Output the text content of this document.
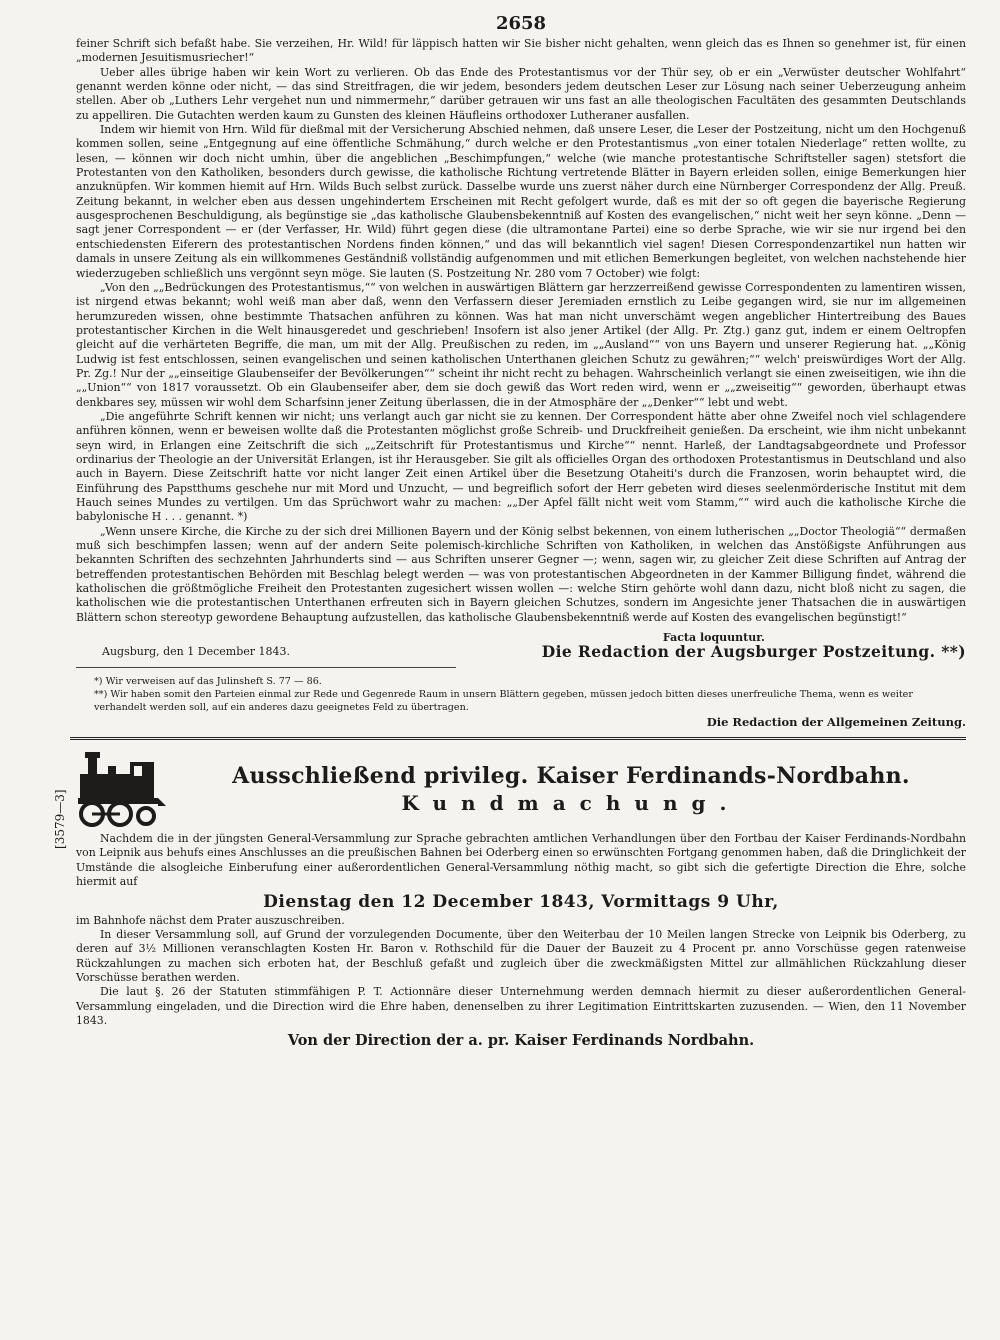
2658

feiner Schrift sich befaßt habe. Sie verzeihen, Hr. Wild! für läppisch hatten wir Sie bisher nicht gehalten, wenn gleich das es Ihnen so genehmer ist, für einen „modernen Jesuitismusriecher!“

Ueber alles übrige haben wir kein Wort zu verlieren. Ob das Ende des Protestantismus vor der Thür sey, ob er ein „Verwüster deutscher Wohlfahrt“ genannt werden könne oder nicht, — das sind Streitfragen, die wir jedem, besonders jedem deutschen Leser zur Lösung nach seiner Ueberzeugung anheim stellen. Aber ob „Luthers Lehr vergehet nun und nimmermehr,“ darüber getrauen wir uns fast an alle theologischen Facultäten des gesammten Deutschlands zu appelliren. Die Gutachten werden kaum zu Gunsten des kleinen Häufleins orthodoxer Lutheraner ausfallen.

Indem wir hiemit von Hrn. Wild für dießmal mit der Versicherung Abschied nehmen, daß unsere Leser, die Leser der Postzeitung, nicht um den Hochgenuß kommen sollen, seine „Entgegnung auf eine öffentliche Schmähung,“ durch welche er den Protestantismus „von einer totalen Niederlage“ retten wollte, zu lesen, — können wir doch nicht umhin, über die angeblichen „Beschimpfungen,“ welche (wie manche protestantische Schriftsteller sagen) stetsfort die Protestanten von den Katholiken, besonders durch gewisse, die katholische Richtung vertretende Blätter in Bayern erleiden sollen, einige Bemerkungen hier anzuknüpfen. Wir kommen hiemit auf Hrn. Wilds Buch selbst zurück. Dasselbe wurde uns zuerst näher durch eine Nürnberger Correspondenz der Allg. Preuß. Zeitung bekannt, in welcher eben aus dessen ungehindertem Erscheinen mit Recht gefolgert wurde, daß es mit der so oft gegen die bayerische Regierung ausgesprochenen Beschuldigung, als begünstige sie „das katholische Glaubensbekenntniß auf Kosten des evangelischen,“ nicht weit her seyn könne. „Denn — sagt jener Correspondent — er (der Verfasser, Hr. Wild) führt gegen diese (die ultramontane Partei) eine so derbe Sprache, wie wir sie nur irgend bei den entschiedensten Eiferern des protestantischen Nordens finden können,“ und das will bekanntlich viel sagen! Diesen Correspondenzartikel nun hatten wir damals in unsere Zeitung als ein willkommenes Geständniß vollständig aufgenommen und mit etlichen Bemerkungen begleitet, von welchen nachstehende hier wiederzugeben schließlich uns vergönnt seyn möge. Sie lauten (S. Postzeitung Nr. 280 vom 7 October) wie folgt:

„Von den „„Bedrückungen des Protestantismus,““ von welchen in auswärtigen Blättern gar herzzerreißend gewisse Correspondenten zu lamentiren wissen, ist nirgend etwas bekannt; wohl weiß man aber daß, wenn den Verfassern dieser Jeremiaden ernstlich zu Leibe gegangen wird, sie nur im allgemeinen herumzureden wissen, ohne bestimmte Thatsachen anführen zu können. Was hat man nicht unverschämt wegen angeblicher Hintertreibung des Baues protestantischer Kirchen in die Welt hinausgeredet und geschrieben! Insofern ist also jener Artikel (der Allg. Pr. Ztg.) ganz gut, indem er einem Oeltropfen gleicht auf die verhärteten Begriffe, die man, um mit der Allg. Preußischen zu reden, im „„Ausland““ von uns Bayern und unserer Regierung hat. „„König Ludwig ist fest entschlossen, seinen evangelischen und seinen katholischen Unterthanen gleichen Schutz zu gewähren;““ welch' preiswürdiges Wort der Allg. Pr. Zg.! Nur der „„einseitige Glaubenseifer der Bevölkerungen““ scheint ihr nicht recht zu behagen. Wahrscheinlich verlangt sie einen zweiseitigen, wie ihn die „„Union““ von 1817 voraussetzt. Ob ein Glaubenseifer aber, dem sie doch gewiß das Wort reden wird, wenn er „„zweiseitig““ geworden, überhaupt etwas denkbares sey, müssen wir wohl dem Scharfsinn jener Zeitung überlassen, die in der Atmosphäre der „„Denker““ lebt und webt.

„Die angeführte Schrift kennen wir nicht; uns verlangt auch gar nicht sie zu kennen. Der Correspondent hätte aber ohne Zweifel noch viel schlagendere anführen können, wenn er beweisen wollte daß die Protestanten möglichst große Schreib- und Druckfreiheit genießen. Da erscheint, wie ihm nicht unbekannt seyn wird, in Erlangen eine Zeitschrift die sich „„Zeitschrift für Protestantismus und Kirche““ nennt. Harleß, der Landtagsabgeordnete und Professor ordinarius der Theologie an der Universität Erlangen, ist ihr Herausgeber. Sie gilt als officielles Organ des orthodoxen Protestantismus in Deutschland und also auch in Bayern. Diese Zeitschrift hatte vor nicht langer Zeit einen Artikel über die Besetzung Otaheiti's durch die Franzosen, worin behauptet wird, die Einführung des Papstthums geschehe nur mit Mord und Unzucht, — und begreiflich sofort der Herr gebeten wird dieses seelenmörderische Institut mit dem Hauch seines Mundes zu vertilgen. Um das Sprüchwort wahr zu machen: „„Der Apfel fällt nicht weit vom Stamm,““ wird auch die katholische Kirche die babylonische H . . . genannt. *)

„Wenn unsere Kirche, die Kirche zu der sich drei Millionen Bayern und der König selbst bekennen, von einem lutherischen „„Doctor Theologiä““ dermaßen muß sich beschimpfen lassen; wenn auf der andern Seite polemisch-kirchliche Schriften von Katholiken, in welchen das Anstößigste Anführungen aus bekannten Schriften des sechzehnten Jahrhunderts sind — aus Schriften unserer Gegner —; wenn, sagen wir, zu gleicher Zeit diese Schriften auf Antrag der betreffenden protestantischen Behörden mit Beschlag belegt werden — was von protestantischen Abgeordneten in der Kammer Billigung findet, während die katholischen die größtmögliche Freiheit den Protestanten zugesichert wissen wollen —: welche Stirn gehörte wohl dann dazu, nicht bloß nicht zu sagen, die katholischen wie die protestantischen Unterthanen erfreuten sich in Bayern gleichen Schutzes, sondern im Angesichte jener Thatsachen die in auswärtigen Blättern schon stereotyp gewordene Behauptung aufzustellen, das katholische Glaubensbekenntniß werde auf Kosten des evangelischen begünstigt!“

Augsburg, den 1 December 1843.
Facta loquuntur.
Die Redaction der Augsburger Postzeitung. **)
*) Wir verweisen auf das Julinsheft S. 77 — 86.
**) Wir haben somit den Parteien einmal zur Rede und Gegenrede Raum in unsern Blättern gegeben, müssen jedoch bitten dieses unerfreuliche Thema, wenn es weiter verhandelt werden soll, auf ein anderes dazu geeignetes Feld zu übertragen.
Die Redaction der Allgemeinen Zeitung.
[3579—3]
Ausschließend privileg. Kaiser Ferdinands-Nordbahn.
Kundmachung.

Nachdem die in der jüngsten General-Versammlung zur Sprache gebrachten amtlichen Verhandlungen über den Fortbau der Kaiser Ferdinands-Nordbahn von Leipnik aus behufs eines Anschlusses an die preußischen Bahnen bei Oderberg einen so erwünschten Fortgang genommen haben, daß die Dringlichkeit der Umstände die alsogleiche Einberufung einer außerordentlichen General-Versammlung nöthig macht, so gibt sich die gefertigte Direction die Ehre, solche hiermit auf

Dienstag den 12 December 1843, Vormittags 9 Uhr,

im Bahnhofe nächst dem Prater auszuschreiben.

In dieser Versammlung soll, auf Grund der vorzulegenden Documente, über den Weiterbau der 10 Meilen langen Strecke von Leipnik bis Oderberg, zu deren auf 3½ Millionen veranschlagten Kosten Hr. Baron v. Rothschild für die Dauer der Bauzeit zu 4 Procent pr. anno Vorschüsse gegen ratenweise Rückzahlungen zu machen sich erboten hat, der Beschluß gefaßt und zugleich über die zweckmäßigsten Mittel zur allmählichen Rückzahlung dieser Vorschüsse berathen werden.

Die laut §. 26 der Statuten stimmfähigen P. T. Actionnäre dieser Unternehmung werden demnach hiermit zu dieser außerordentlichen General-Versammlung eingeladen, und die Direction wird die Ehre haben, denenselben zu ihrer Legitimation Eintrittskarten zuzusenden. — Wien, den 11 November 1843.

Von der Direction der a. pr. Kaiser Ferdinands Nordbahn.
